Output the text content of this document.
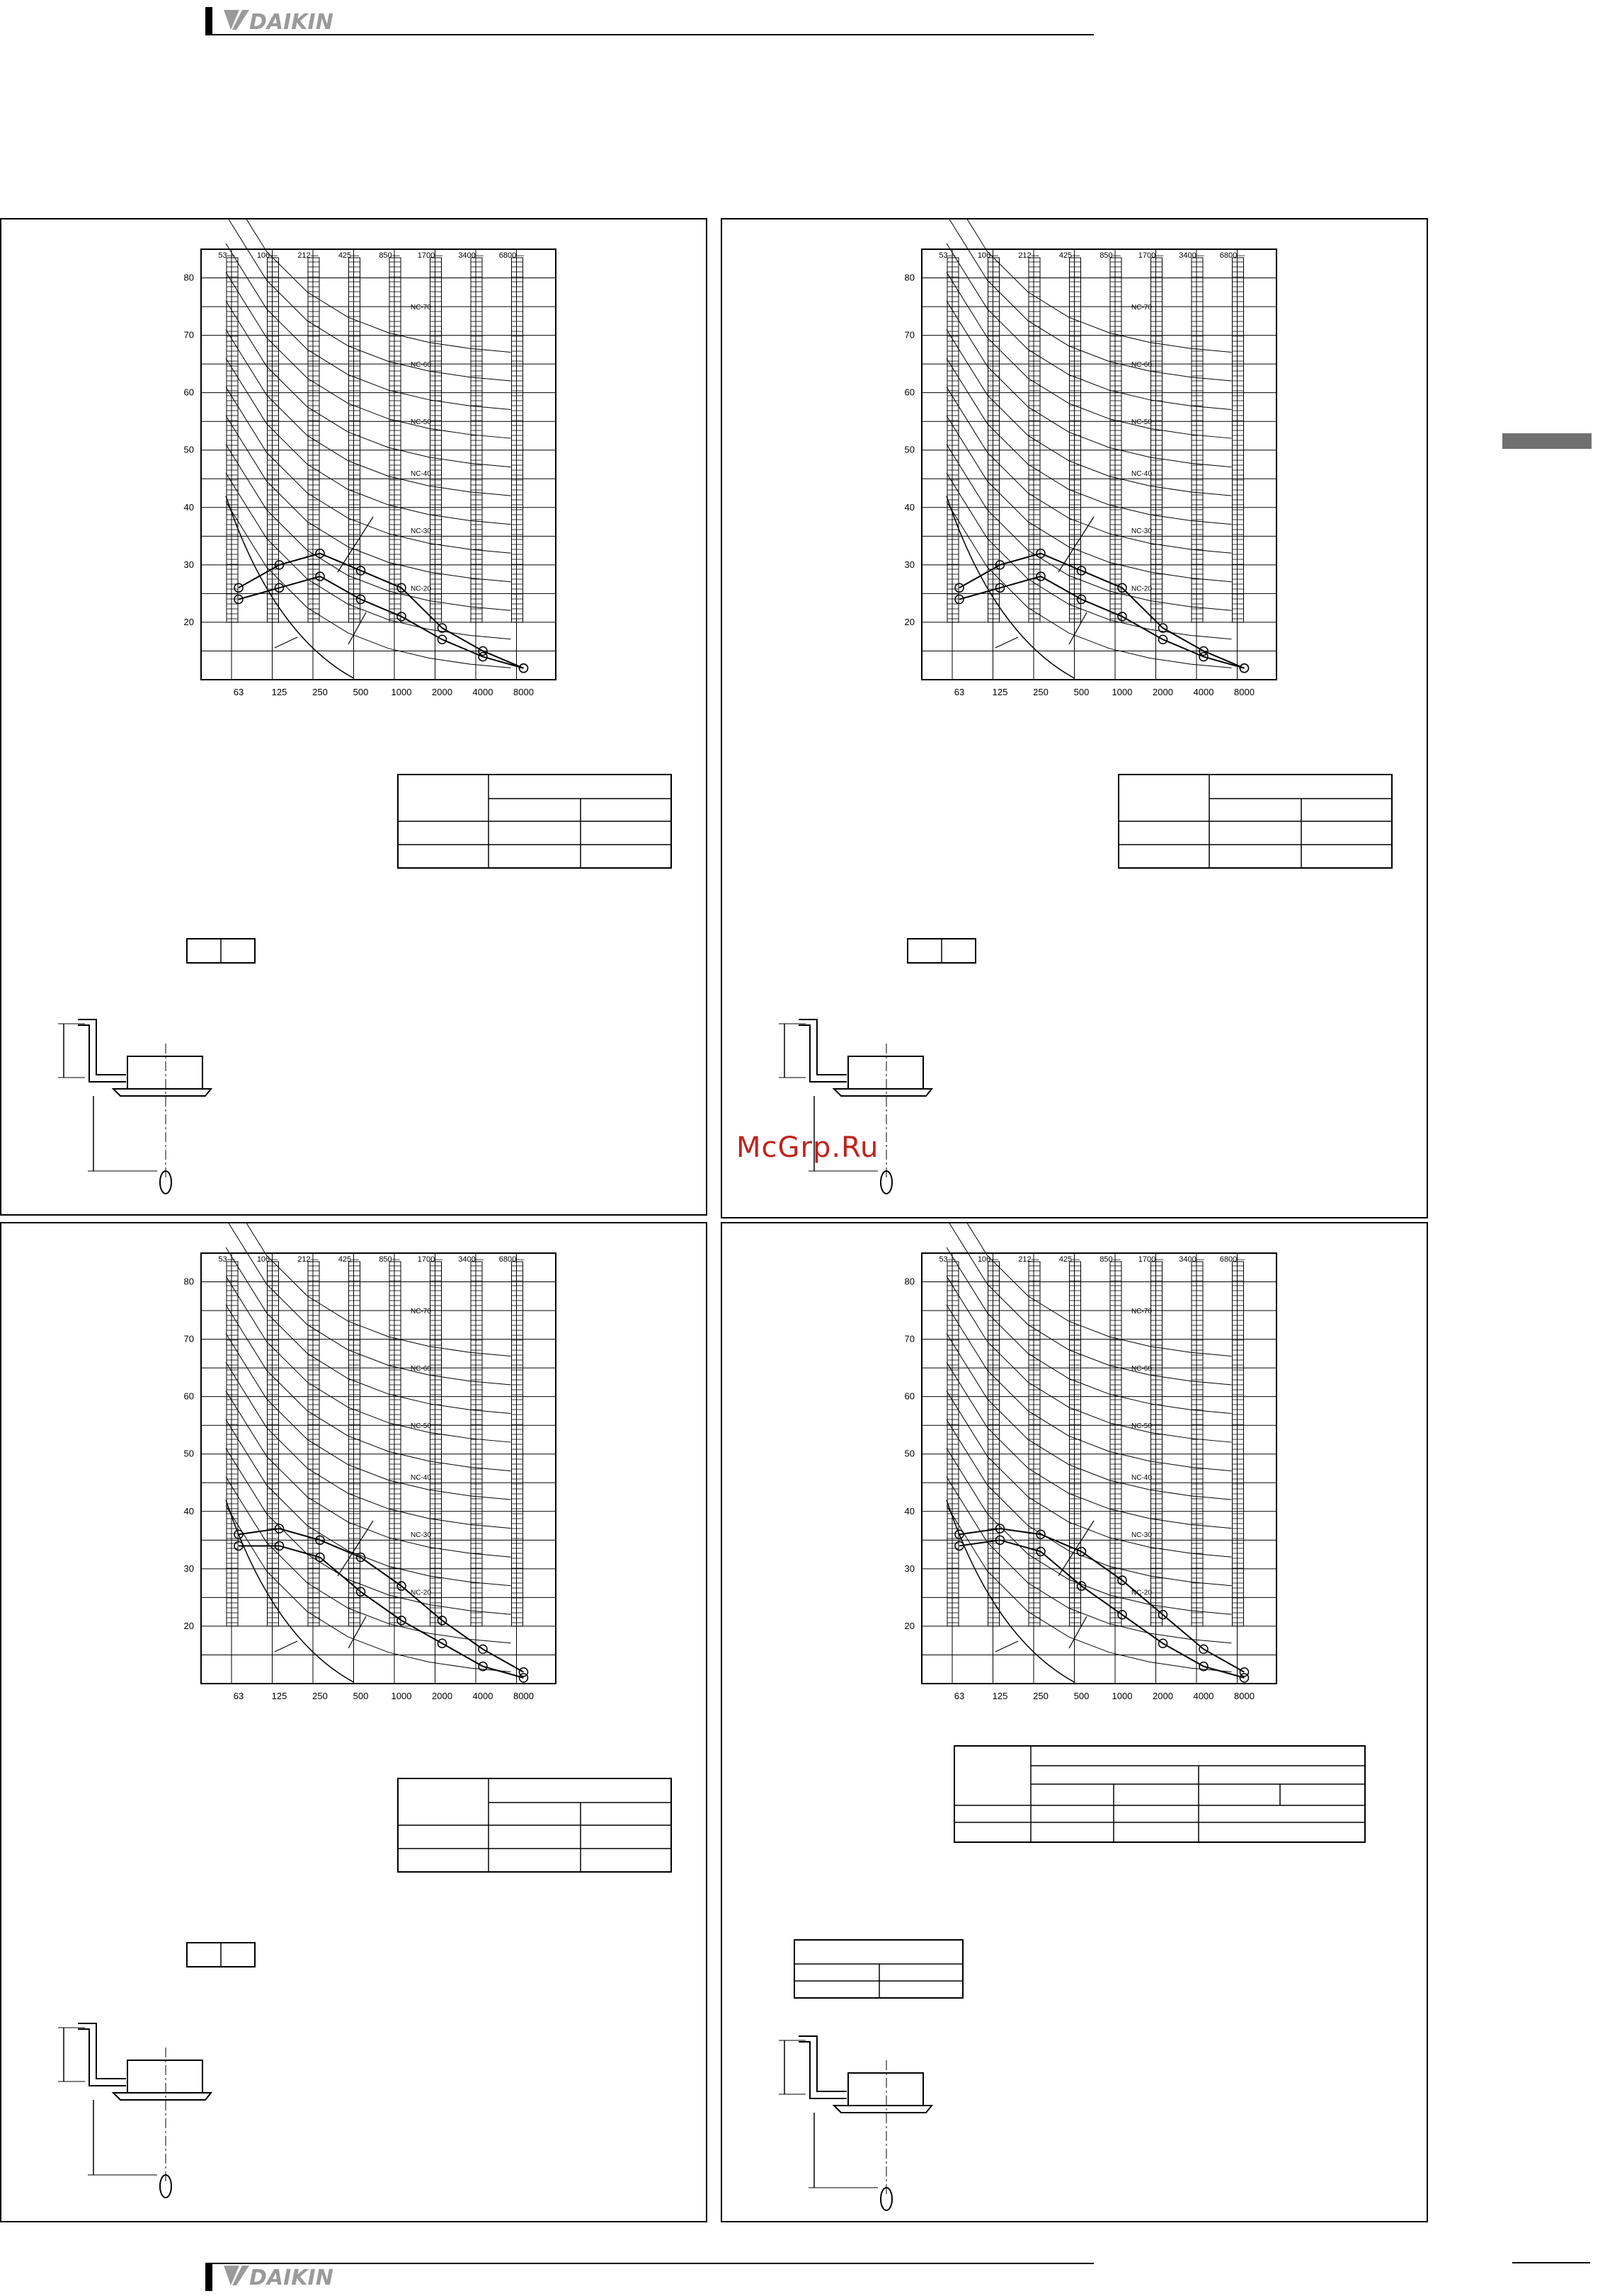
DAIKIN
53—	106—	212—	425—	850— 1700— 3400— 6800—
80
70
60
50
40
30
20
63	125	250	500 1000 2000 4000 8000
NC-70
NC-60
NC-50
NC-40
NC-30
NC-20
53—	106—	212—	425—	850— 1700— 3400— 6800—
80
70
60
50
40
30
20
63	125	250	500 1000 2000 4000 8000
NC-70
NC-60
NC-50
NC-40
NC-30
NC-20
53—	106—	212—	425—	850— 1700— 3400— 6800—
80
70
60
50
40
30
20
63	125	250	500 1000 2000 4000 8000
NC-70
NC-60
NC-50
NC-40
NC-30
NC-20
53—	106—	212—	425—	850— 1700— 3400— 6800—
80
70
60
50
40
30
20
63	125	250	500 1000 2000 4000 8000
NC-70
NC-60
NC-50
NC-40
NC-30
NC-20
McGrp.Ru
DAIKIN
